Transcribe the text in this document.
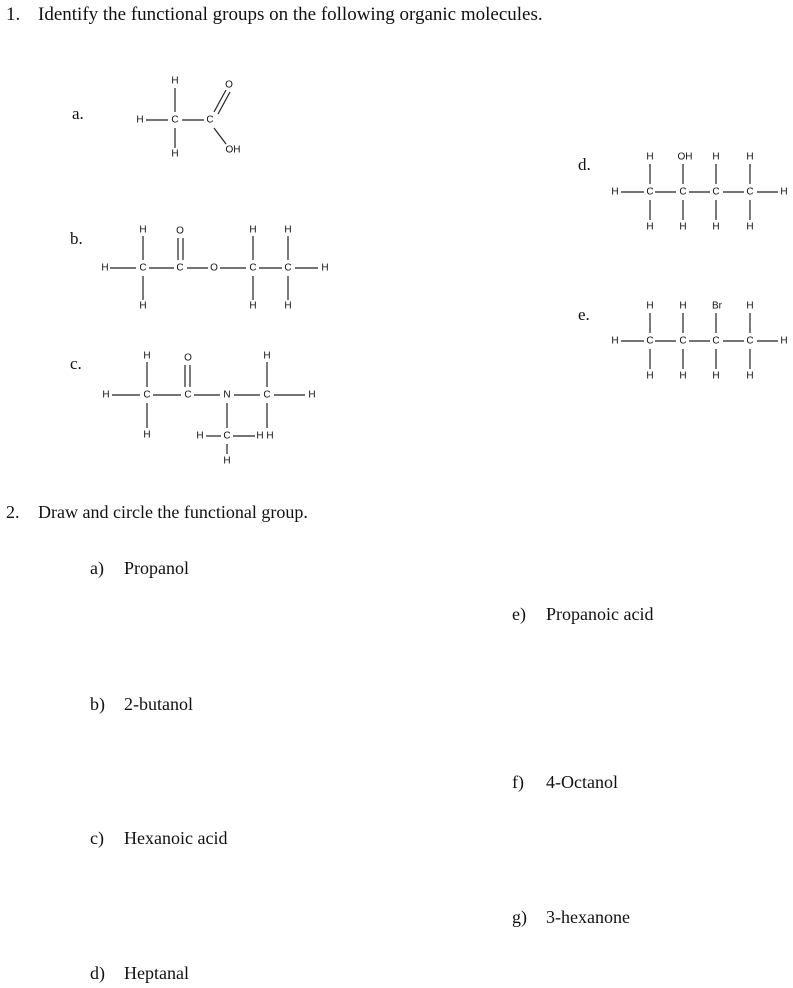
1. Identify the functional groups on the following organic molecules.
a.
H
H	C
H
C
O
OH
b.
H	C
H
H
C
O
O	C
H
H
C
H
H
H
c.
H	C
H
H
C
O
N	C
H
H
C
H	H H
H
d.
H	C
H
H
C
OH
H
C
H
H
C
H
H
H
e.
H	C
H
H
C
H
H
C
Br
H
C
H
H
H
2. Draw and circle the functional group.
a) Propanol
b) 2-butanol
c) Hexanoic acid
d) Heptanal
e) Propanoic acid
f) 4-Octanol
g) 3-hexanone
